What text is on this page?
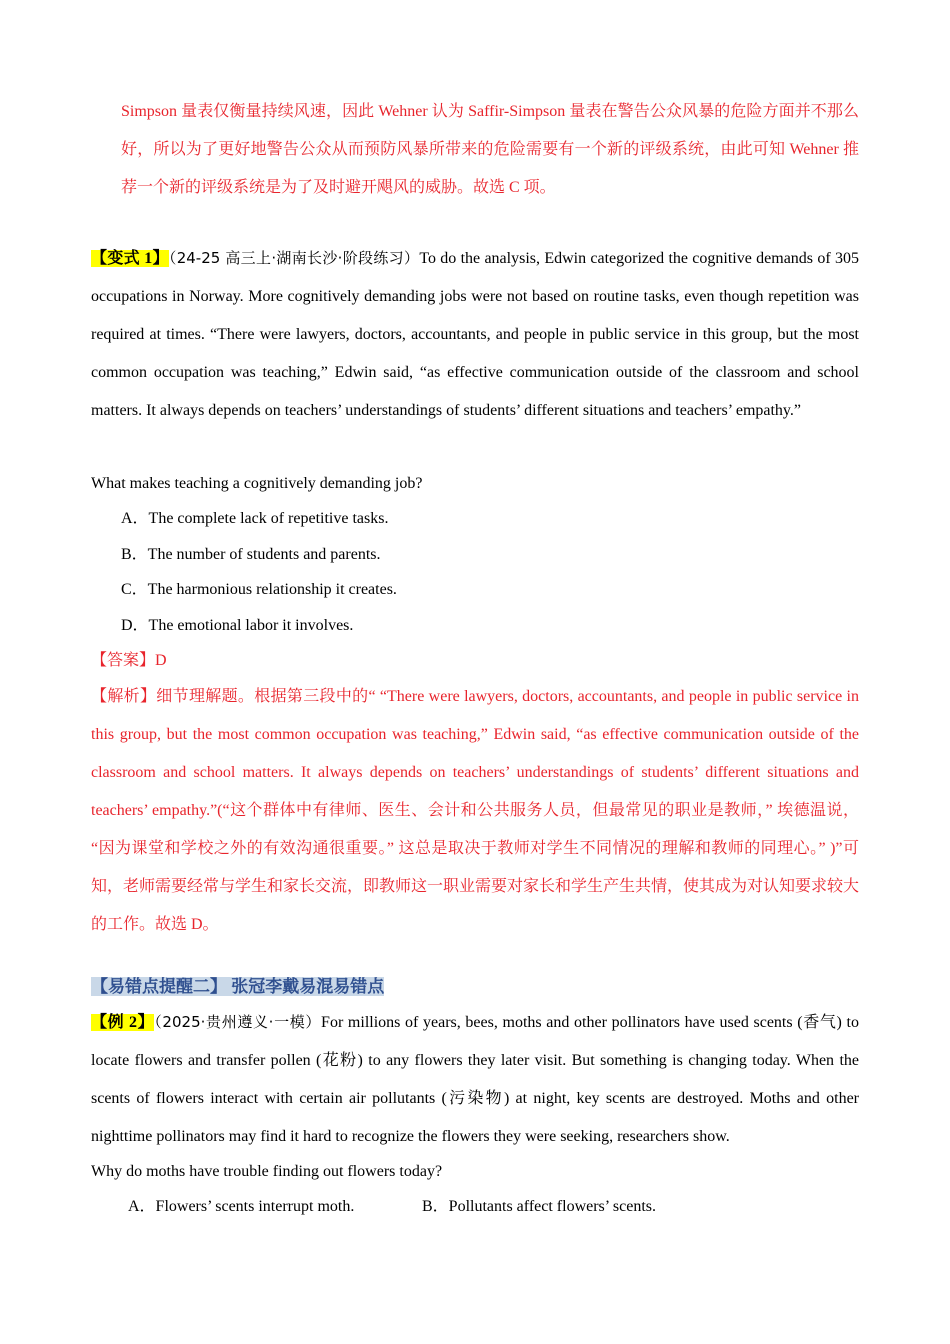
Simpson 量表仅衡量持续风速，因此 Wehner 认为 Saffir-Simpson 量表在警告公众风暴的危险方面并不那么好，所以为了更好地警告公众从而预防风暴所带来的危险需要有一个新的评级系统，由此可知 Wehner 推荐一个新的评级系统是为了及时避开飓风的威胁。故选 C 项。
【变式 1】（24-25 高三上·湖南长沙·阶段练习）To do the analysis, Edwin categorized the cognitive demands of 305 occupations in Norway. More cognitively demanding jobs were not based on routine tasks, even though repetition was required at times. “There were lawyers, doctors, accountants, and people in public service in this group, but the most common occupation was teaching,” Edwin said, “as effective communication outside of the classroom and school matters. It always depends on teachers’ understandings of students’ different situations and teachers’ empathy.”
What makes teaching a cognitively demanding job?
A．The complete lack of repetitive tasks.
B．The number of students and parents.
C．The harmonious relationship it creates.
D．The emotional labor it involves.
【答案】D
【解析】细节理解题。根据第三段中的“ “There were lawyers, doctors, accountants, and people in public service in this group, but the most common occupation was teaching,” Edwin said, “as effective communication outside of the classroom and school matters. It always depends on teachers’ understandings of students’ different situations and teachers’ empathy.”(“这个群体中有律师、医生、会计和公共服务人员，但最常见的职业是教师，” 埃德温说， “因为课堂和学校之外的有效沟通很重要。” 这总是取决于教师对学生不同情况的理解和教师的同理心。” )”可知，老师需要经常与学生和家长交流，即教师这一职业需要对家长和学生产生共情，使其成为对认知要求较大的工作。故选 D。
【易错点提醒二】 张冠李戴易混易错点
【例 2】（2025·贵州遵义·一模）For millions of years, bees, moths and other pollinators have used scents (香气) to locate flowers and transfer pollen (花粉) to any flowers they later visit. But something is changing today. When the scents of flowers interact with certain air pollutants (污染物) at night, key scents are destroyed. Moths and other nighttime pollinators may find it hard to recognize the flowers they were seeking, researchers show.
Why do moths have trouble finding out flowers today?
A．Flowers’ scents interrupt moth.	B．Pollutants affect flowers’ scents.
